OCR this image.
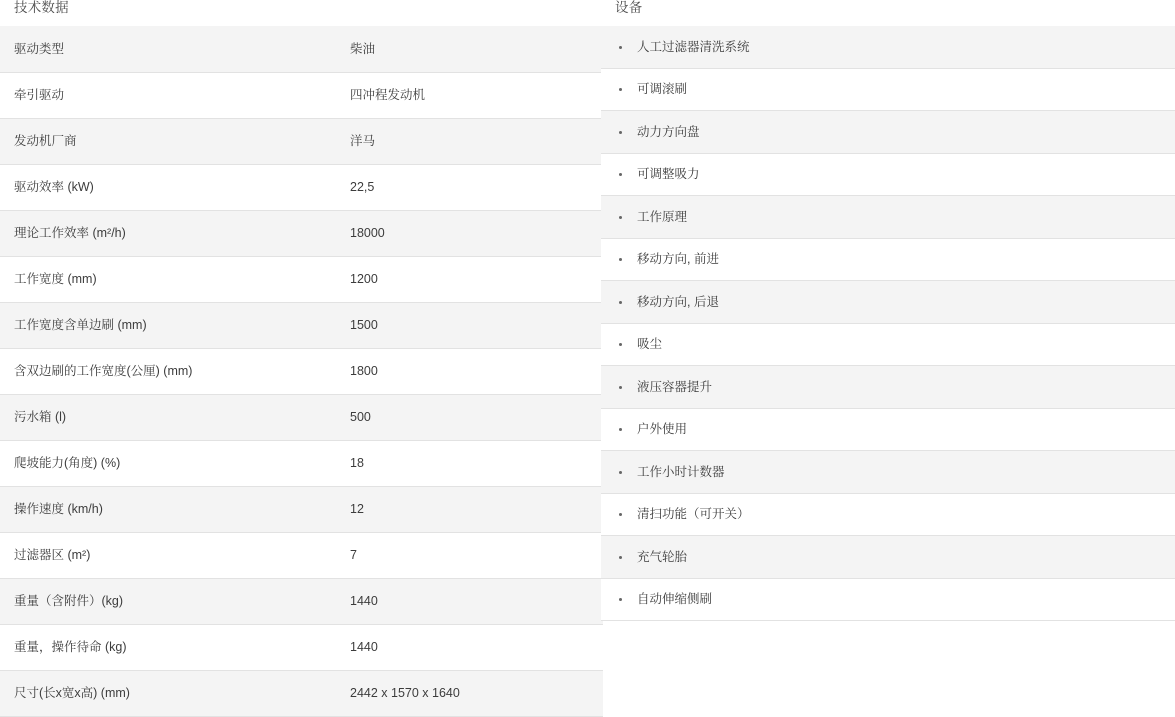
技术数据
驱动类型	柴油
牵引驱动	四冲程发动机
发动机厂商	洋马
驱动效率 (kW)	22,5
理论工作效率 (m²/h)	18000
工作宽度 (mm)	1200
工作宽度含单边刷 (mm)	1500
含双边刷的工作宽度(公厘) (mm)	1800
污水箱 (l)	500
爬坡能力(角度) (%)	18
操作速度 (km/h)	12
过滤器区 (m²)	7
重量（含附件）(kg)	1440
重量，操作待命 (kg)	1440
尺寸(长x宽x高) (mm)	2442 x 1570 x 1640
设备
人工过滤器清洗系统
可调滚刷
动力方向盘
可调整吸力
工作原理
移动方向, 前进
移动方向, 后退
吸尘
液压容器提升
户外使用
工作小时计数器
清扫功能（可开关）
充气轮胎
自动伸缩侧刷
